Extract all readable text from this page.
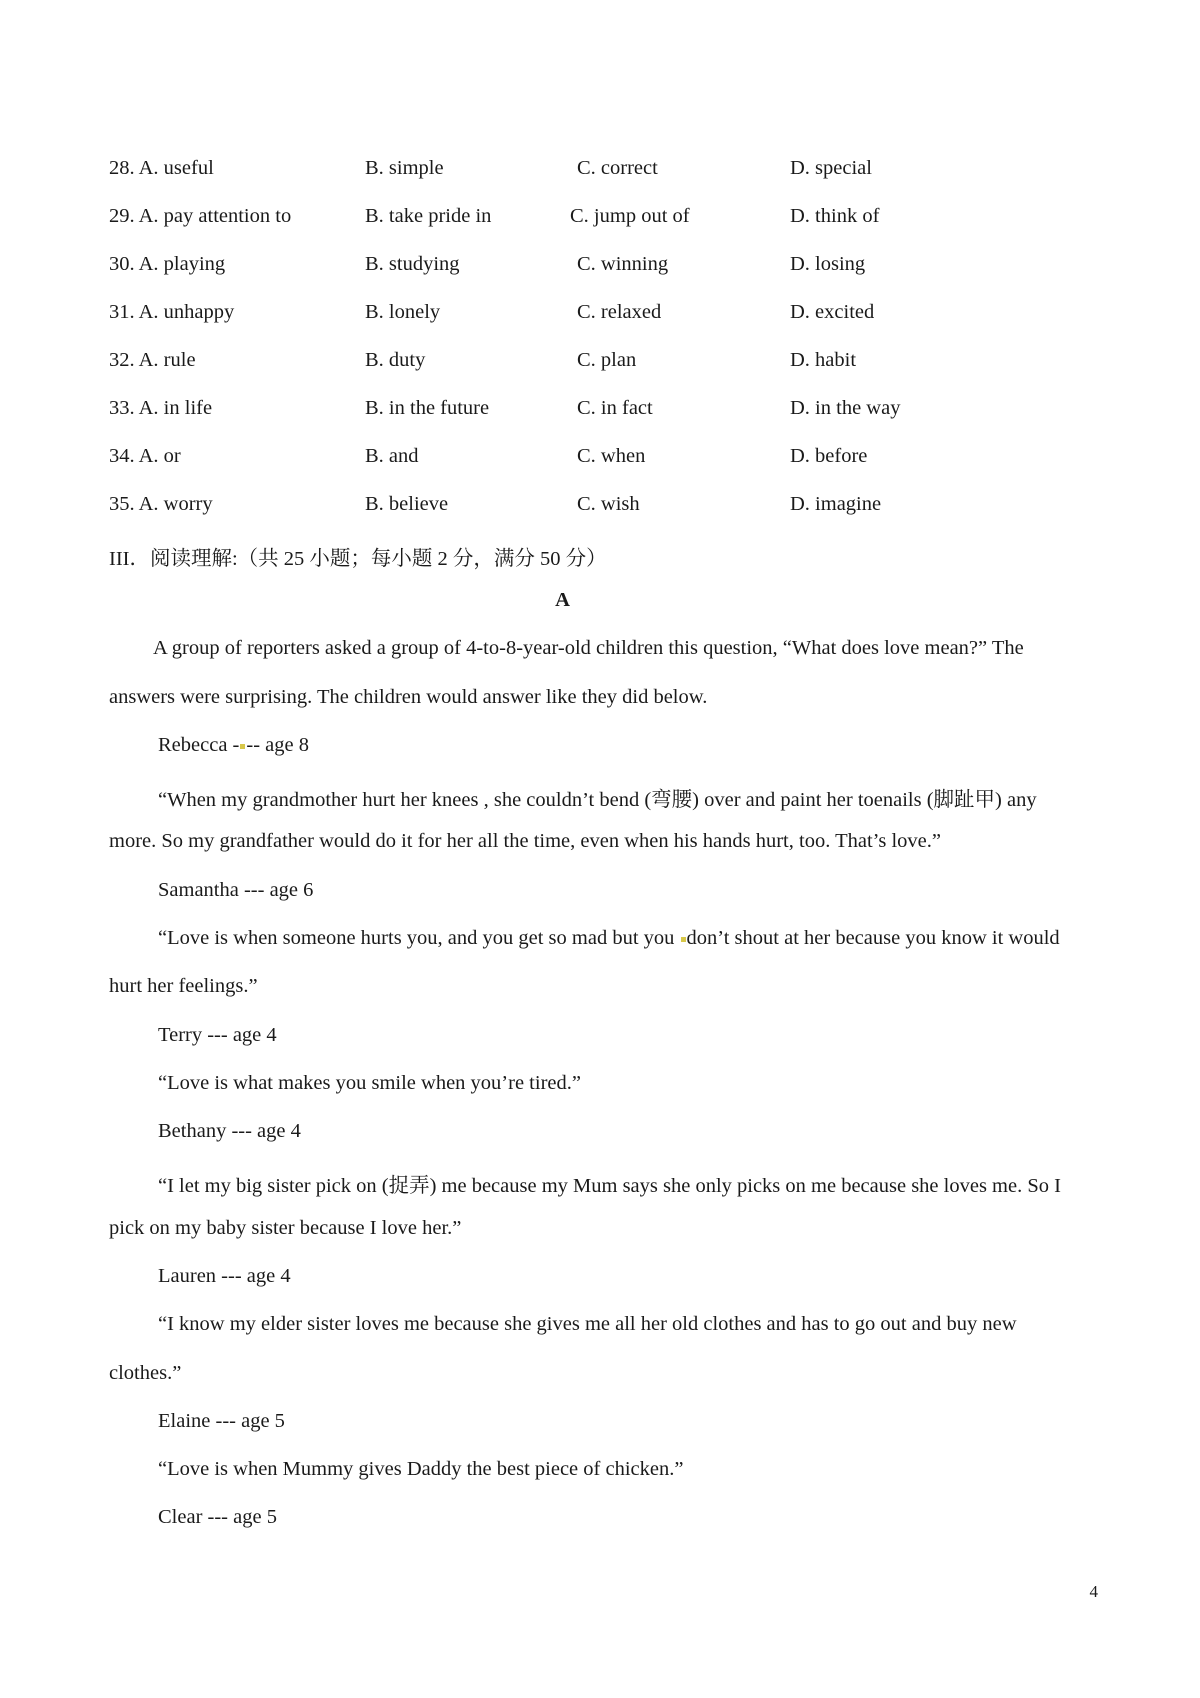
28. A. useful	B. simple	C. correct	D. special
29. A. pay attention to	B. take pride in	C. jump out of	D. think of
30. A. playing	B. studying	C. winning	D. losing
31. A. unhappy	B. lonely	C. relaxed	D. excited
32. A. rule	B. duty	C. plan	D. habit
33. A. in life	B. in the future	C. in fact	D. in the way
34. A. or	B. and	C. when	D. before
35. A. worry	B. believe	C. wish	D. imagine
III．阅读理解:（共 25 小题；每小题 2 分，满分 50 分）
A
A group of reporters asked a group of 4-to-8-year-old children this question, “What does love mean?” The
answers were surprising. The children would answer like they did below.
Rebecca - -- age 8
“When my grandmother hurt her knees , she couldn’t bend (弯腰) over and paint her toenails (脚趾甲) any
more. So my grandfather would do it for her all the time, even when his hands hurt, too. That’s love.”
Samantha --- age 6
“Love is when someone hurts you, and you get so mad but you don’t shout at her because you know it would
hurt her feelings.”
Terry --- age 4
“Love is what makes you smile when you’re tired.”
Bethany --- age 4
“I let my big sister pick on (捉弄) me because my Mum says she only picks on me because she loves me. So I
pick on my baby sister because I love her.”
Lauren --- age 4
“I know my elder sister loves me because she gives me all her old clothes and has to go out and buy new
clothes.”
Elaine --- age 5
“Love is when Mummy gives Daddy the best piece of chicken.”
Clear --- age 5
4
